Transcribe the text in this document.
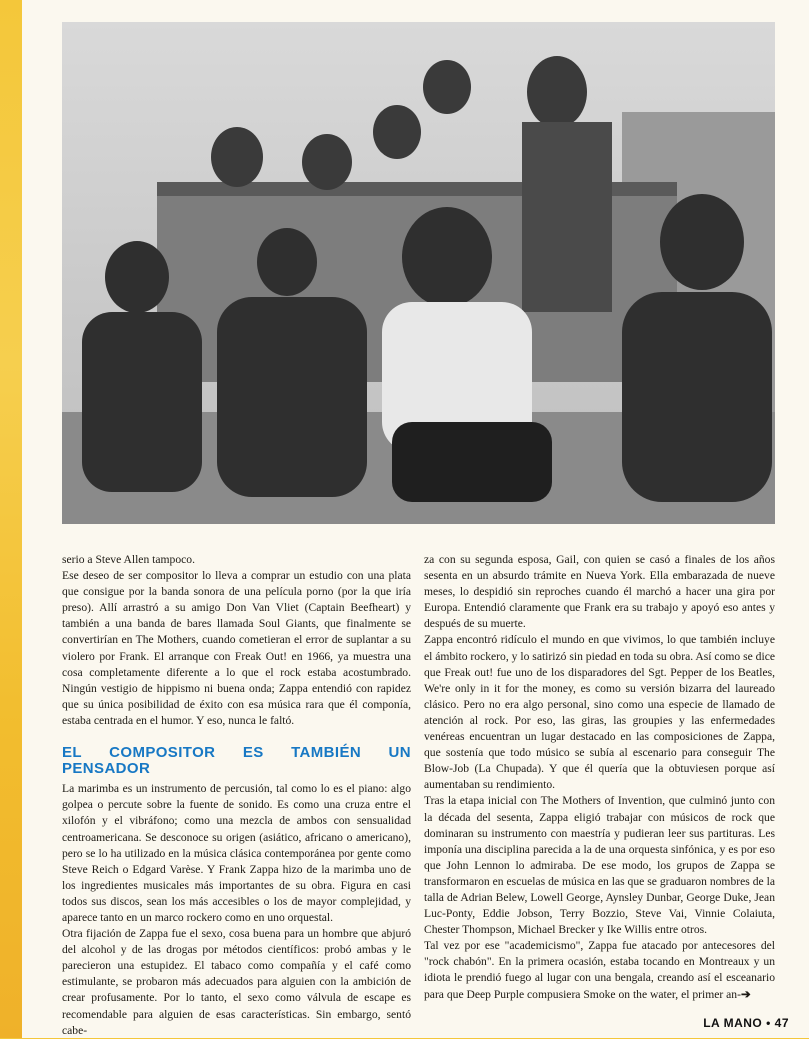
serio a Steve Allen tampoco.

Ese deseo de ser compositor lo lleva a comprar un estudio con una plata que consigue por la banda sonora de una película porno (por la que iría preso). Allí arrastró a su amigo Don Van Vliet (Captain Beefheart) y también a una banda de bares llamada Soul Giants, que finalmente se convertirían en The Mothers, cuando cometieran el error de suplantar a su violero por Frank. El arranque con Freak Out! en 1966, ya muestra una cosa completamente diferente a lo que el rock estaba acostumbrado. Ningún vestigio de hippismo ni buena onda; Zappa entendió con rapidez que su única posibilidad de éxito con esa música rara que él componía, estaba centrada en el humor. Y eso, nunca le faltó.

EL COMPOSITOR ES TAMBIÉN UN PENSADOR

La marimba es un instrumento de percusión, tal como lo es el piano: algo golpea o percute sobre la fuente de sonido. Es como una cruza entre el xilofón y el vibráfono; como una mezcla de ambos con sensualidad centroamericana. Se desconoce su origen (asiático, africano o americano), pero se lo ha utilizado en la música clásica contemporánea por gente como Steve Reich o Edgard Varèse. Y Frank Zappa hizo de la marimba uno de los ingredientes musicales más importantes de su obra. Figura en casi todos sus discos, sean los más accesibles o los de mayor complejidad, y aparece tanto en un marco rockero como en uno orquestal.

Otra fijación de Zappa fue el sexo, cosa buena para un hombre que abjuró del alcohol y de las drogas por métodos científicos: probó ambas y le parecieron una estupidez. El tabaco como compañía y el café como estimulante, se probaron más adecuados para alguien con la ambición de crear profusamente. Por lo tanto, el sexo como válvula de escape es recomendable para alguien de esas características. Sin embargo, sentó cabe-

za con su segunda esposa, Gail, con quien se casó a finales de los años sesenta en un absurdo trámite en Nueva York. Ella embarazada de nueve meses, lo despidió sin reproches cuando él marchó a hacer una gira por Europa. Entendió claramente que Frank era su trabajo y apoyó eso antes y después de su muerte.

Zappa encontró ridículo el mundo en que vivimos, lo que también incluye el ámbito rockero, y lo satirizó sin piedad en toda su obra. Así como se dice que Freak out! fue uno de los disparadores del Sgt. Pepper de los Beatles, We're only in it for the money, es como su versión bizarra del laureado clásico. Pero no era algo personal, sino como una especie de llamado de atención al rock. Por eso, las giras, las groupies y las enfermedades venéreas encuentran un lugar destacado en las composiciones de Zappa, que sostenía que todo músico se subía al escenario para conseguir The Blow-Job (La Chupada). Y que él quería que la obtuviesen porque así aumentaban su rendimiento.

Tras la etapa inicial con The Mothers of Invention, que culminó junto con la década del sesenta, Zappa eligió trabajar con músicos de rock que dominaran su instrumento con maestría y pudieran leer sus partituras. Les imponía una disciplina parecida a la de una orquesta sinfónica, y es por eso que John Lennon lo admiraba. De ese modo, los grupos de Zappa se transformaron en escuelas de música en las que se graduaron nombres de la talla de Adrian Belew, Lowell George, Aynsley Dunbar, George Duke, Jean Luc-Ponty, Eddie Jobson, Terry Bozzio, Steve Vai, Vinnie Colaiuta, Chester Thompson, Michael Brecker y Ike Willis entre otros.

Tal vez por ese "academicismo", Zappa fue atacado por antecesores del "rock chabón". En la primera ocasión, estaba tocando en Montreaux y un idiota le prendió fuego al lugar con una bengala, creando así el esceanario para que Deep Purple compusiera Smoke on the water, el primer an-➔

LA MANO • 47
